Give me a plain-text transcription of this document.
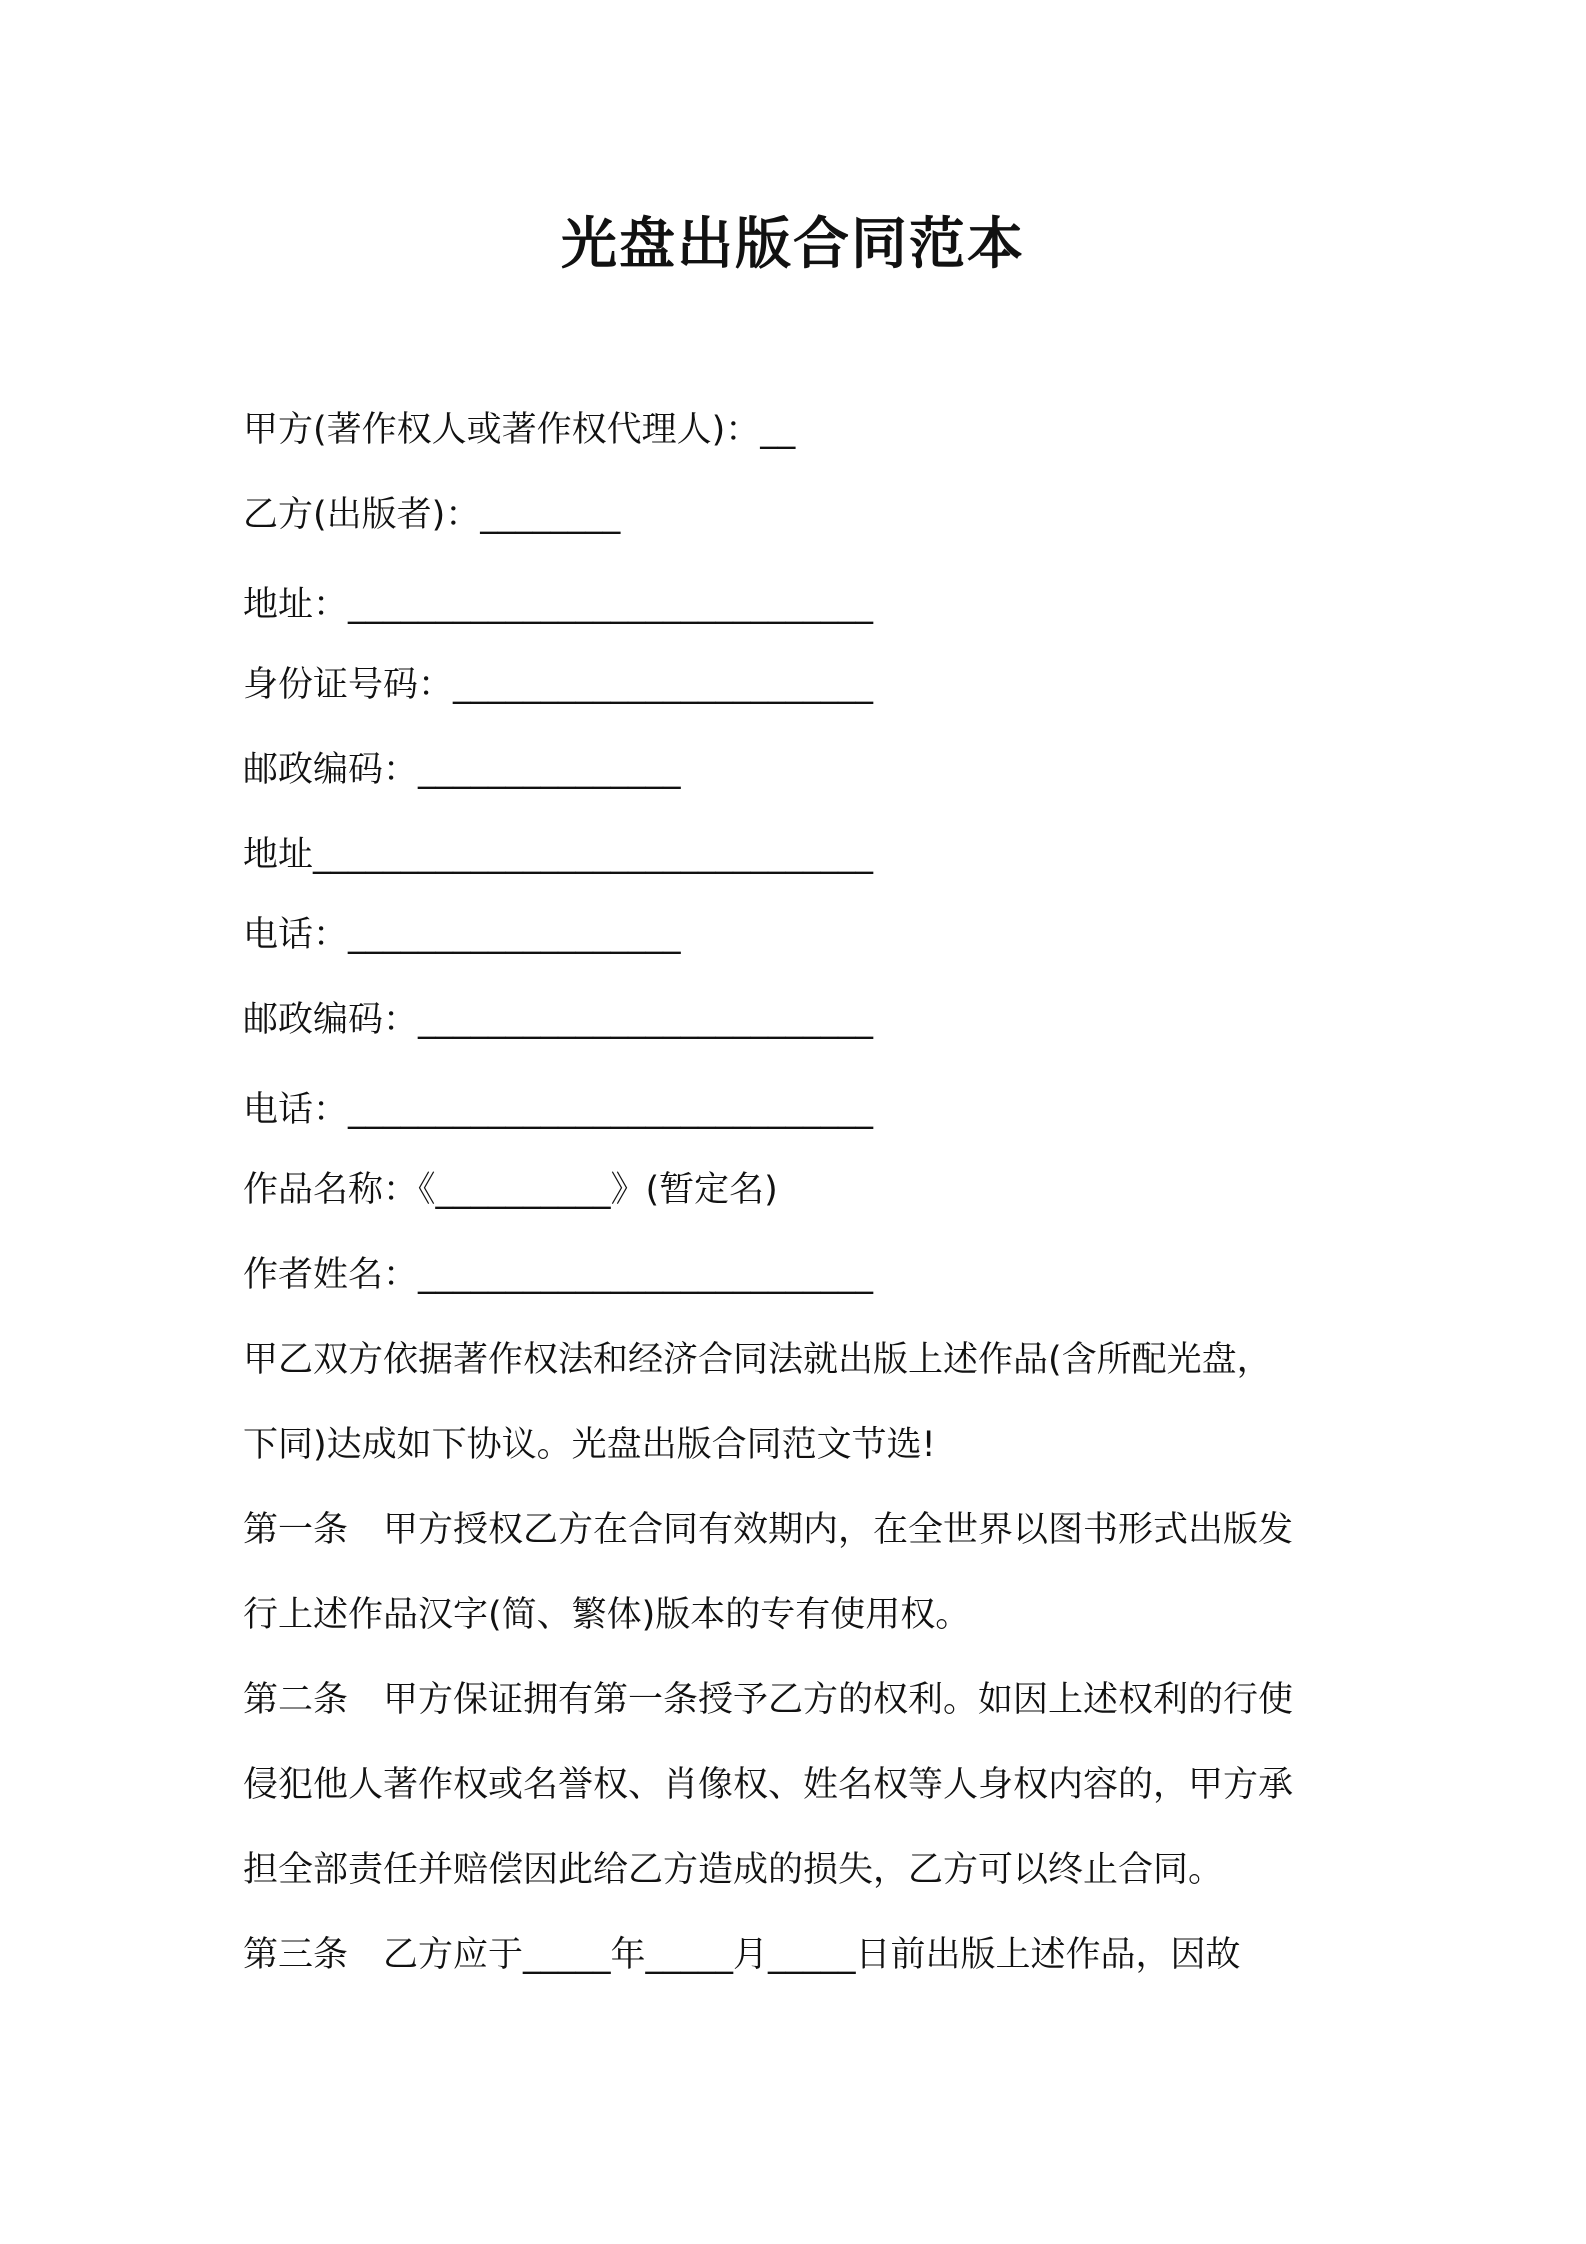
光盘出版合同范本
甲方(著作权人或著作权代理人)：__
乙方(出版者)：________
地址：______________________________
身份证号码：________________________
邮政编码：_______________
地址________________________________
电话：___________________
邮政编码：__________________________
电话：______________________________
作品名称：《__________》(暂定名)
作者姓名：__________________________
甲乙双方依据著作权法和经济合同法就出版上述作品(含所配光盘，
下同)达成如下协议。光盘出版合同范文节选!
第一条　甲方授权乙方在合同有效期内，在全世界以图书形式出版发
行上述作品汉字(简、繁体)版本的专有使用权。
第二条　甲方保证拥有第一条授予乙方的权利。如因上述权利的行使
侵犯他人著作权或名誉权、肖像权、姓名权等人身权内容的，甲方承
担全部责任并赔偿因此给乙方造成的损失，乙方可以终止合同。
第三条　乙方应于_____年_____月_____日前出版上述作品，因故
